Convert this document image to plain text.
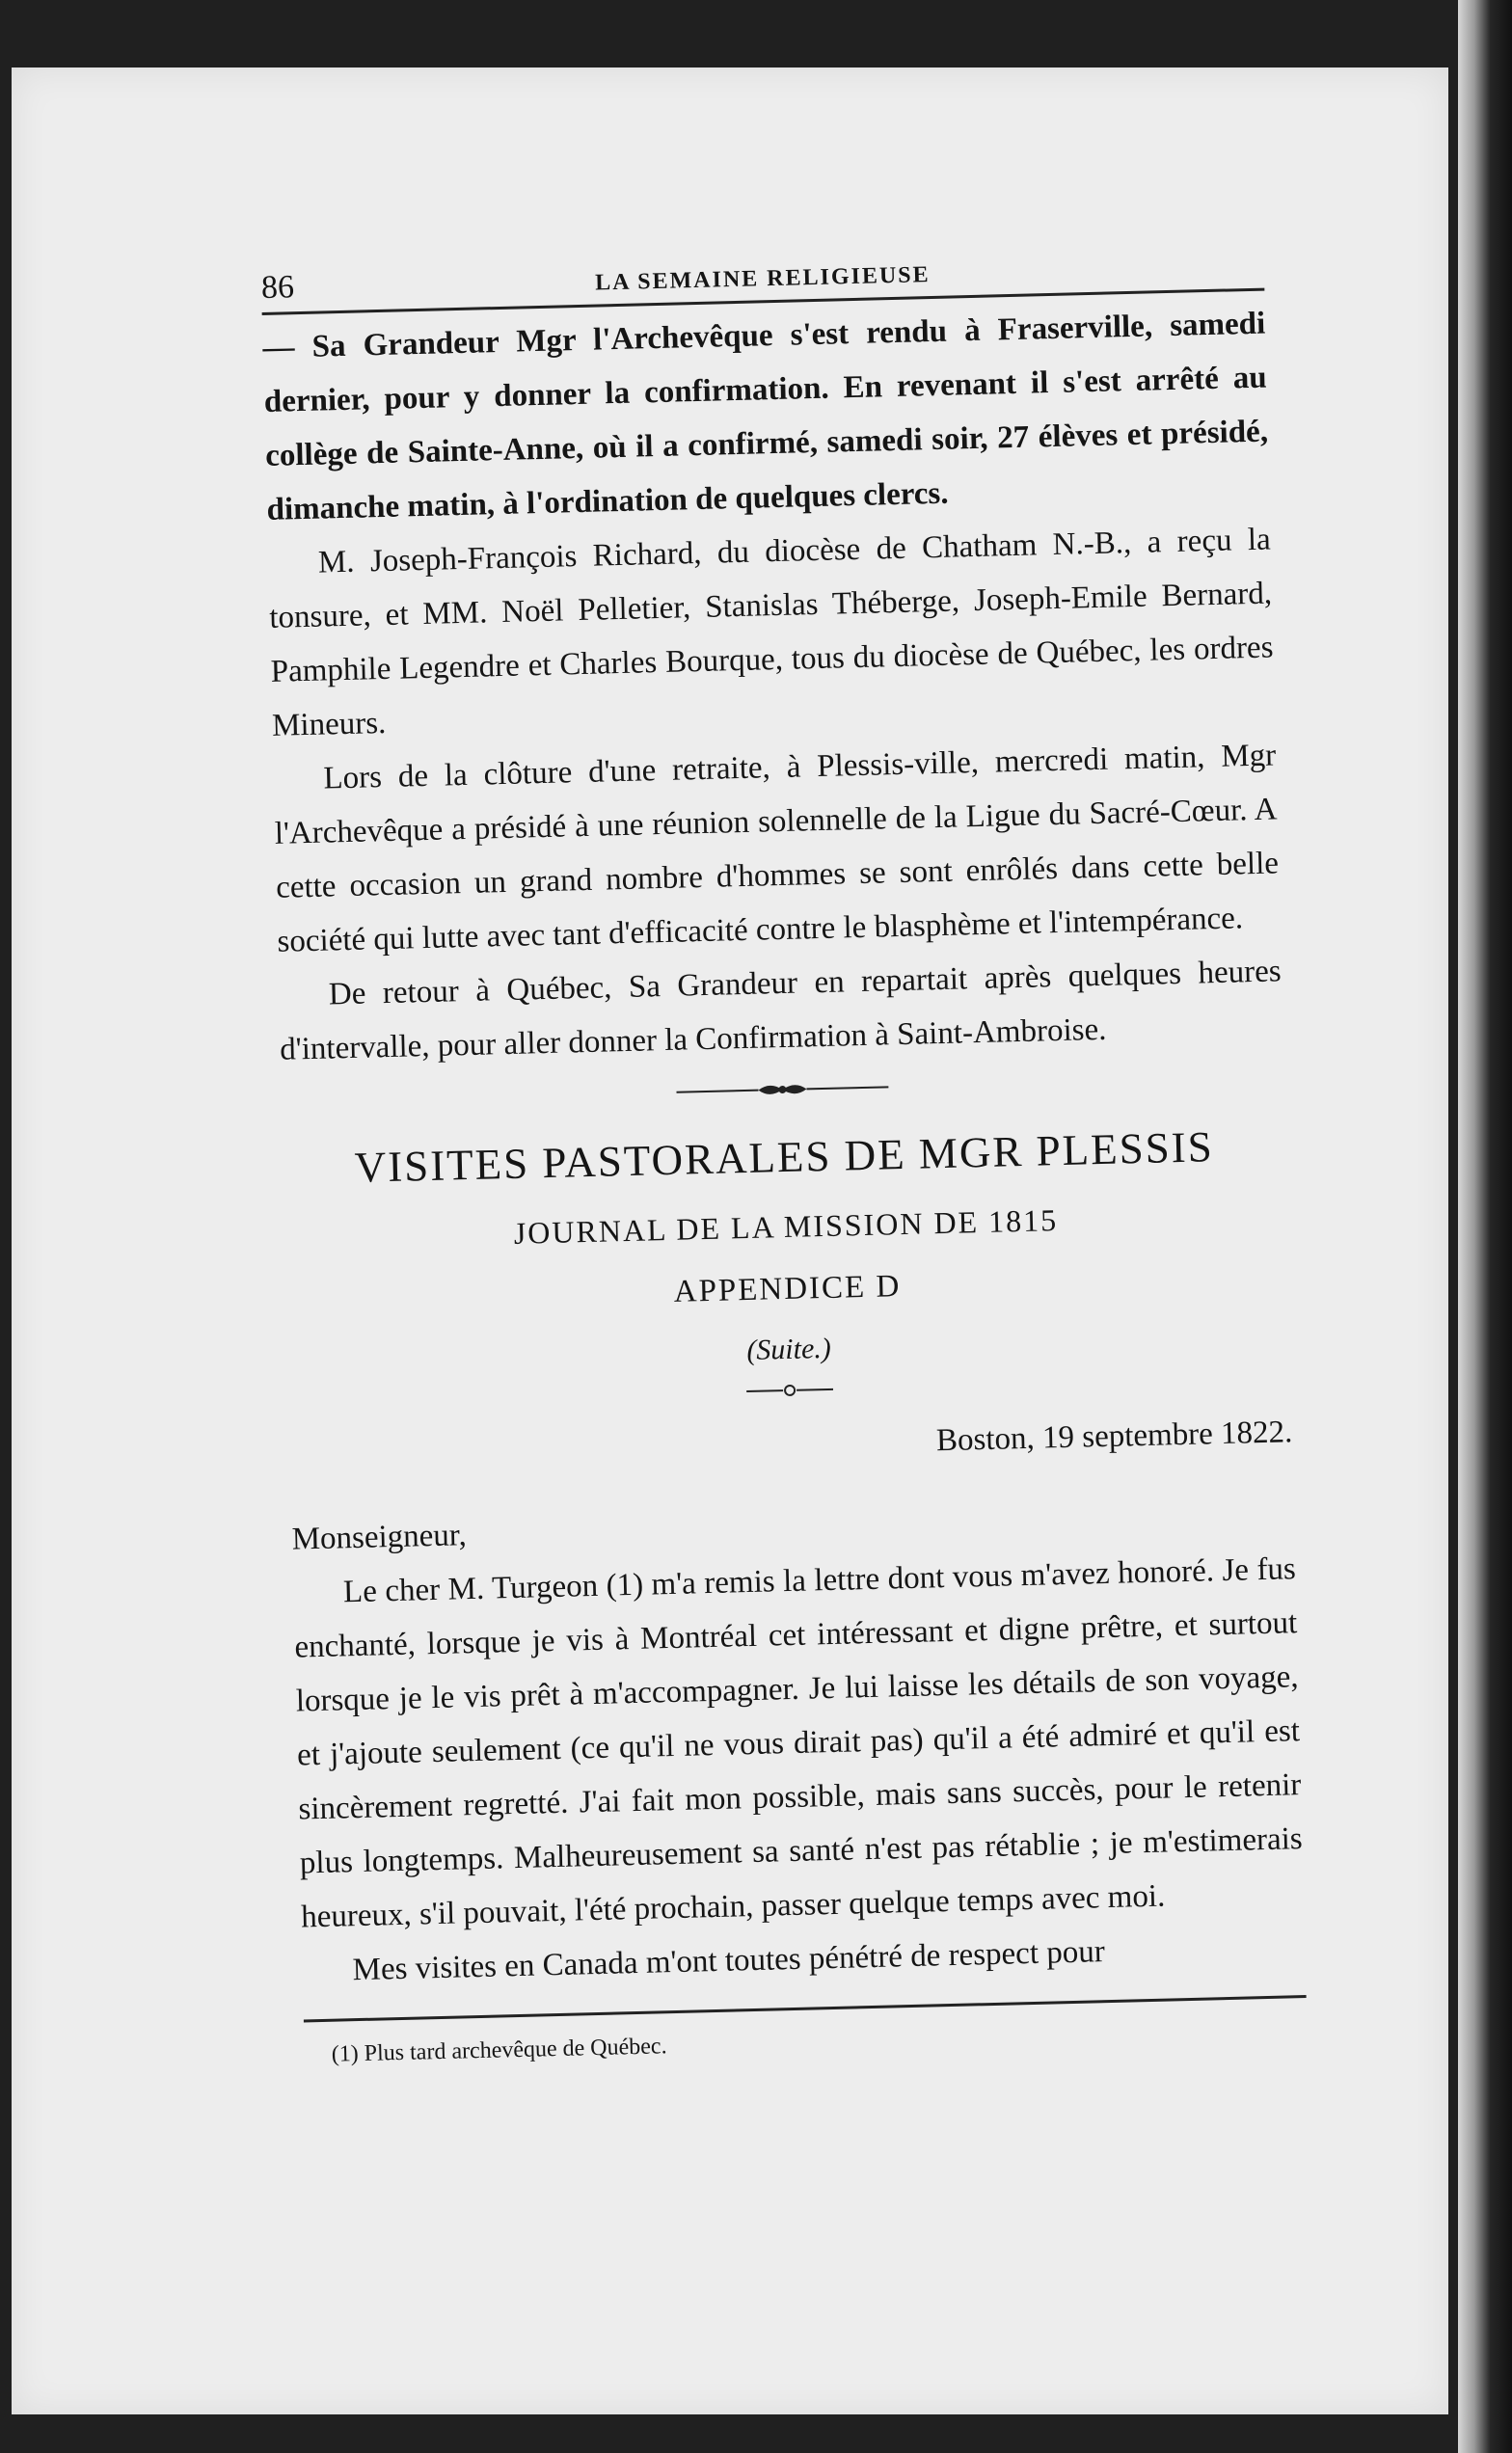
86	LA SEMAINE RELIGIEUSE

— Sa Grandeur Mgr l'Archevêque s'est rendu à Fraserville, samedi dernier, pour y donner la confirmation. En revenant il s'est arrêté au collège de Sainte-Anne, où il a confirmé, samedi soir, 27 élèves et présidé, dimanche matin, à l'ordination de quelques clercs.

M. Joseph-François Richard, du diocèse de Chatham N.-B., a reçu la tonsure, et MM. Noël Pelletier, Stanislas Théberge, Joseph-Emile Bernard, Pamphile Legendre et Charles Bourque, tous du diocèse de Québec, les ordres Mineurs.

Lors de la clôture d'une retraite, à Plessis-ville, mercredi matin, Mgr l'Archevêque a présidé à une réunion solennelle de la Ligue du Sacré-Cœur. A cette occasion un grand nombre d'hommes se sont enrôlés dans cette belle société qui lutte avec tant d'efficacité contre le blasphème et l'intempérance.

De retour à Québec, Sa Grandeur en repartait après quelques heures d'intervalle, pour aller donner la Confirmation à Saint-Ambroise.

VISITES PASTORALES DE MGR PLESSIS
JOURNAL DE LA MISSION DE 1815
APPENDICE D
(Suite.)
Boston, 19 septembre 1822.

Monseigneur,

Le cher M. Turgeon (1) m'a remis la lettre dont vous m'avez honoré. Je fus enchanté, lorsque je vis à Montréal cet intéressant et digne prêtre, et surtout lorsque je le vis prêt à m'accompagner. Je lui laisse les détails de son voyage, et j'ajoute seulement (ce qu'il ne vous dirait pas) qu'il a été admiré et qu'il est sincèrement regretté. J'ai fait mon possible, mais sans succès, pour le retenir plus longtemps. Malheureusement sa santé n'est pas rétablie ; je m'estimerais heureux, s'il pouvait, l'été prochain, passer quelque temps avec moi.

Mes visites en Canada m'ont toutes pénétré de respect pour

(1) Plus tard archevêque de Québec.
